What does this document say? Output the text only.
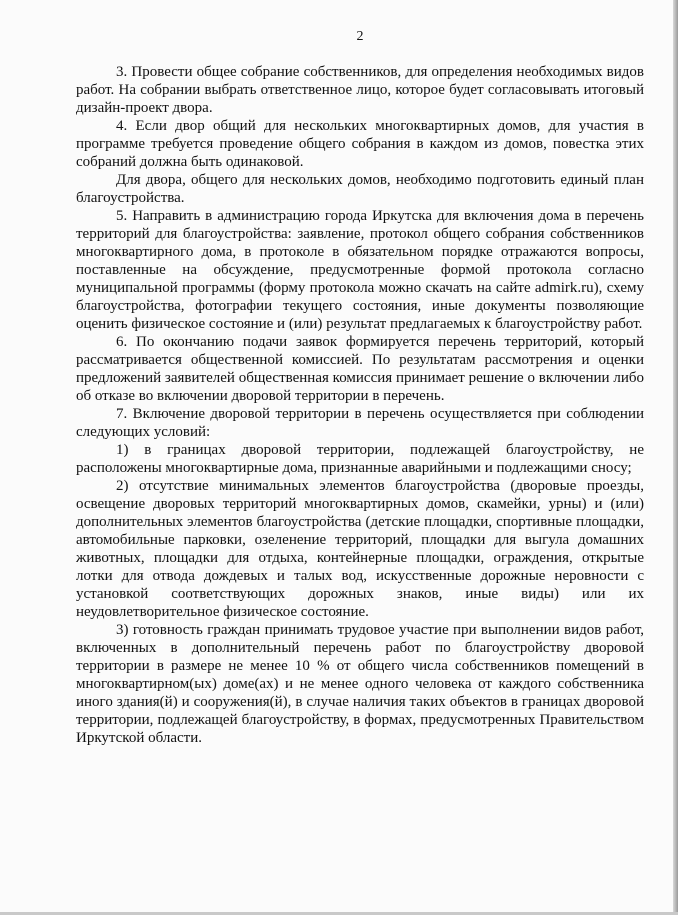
2

3. Провести общее собрание собственников, для определения необходимых видов работ. На собрании выбрать ответственное лицо, которое будет согласовывать итоговый дизайн-проект двора.

4. Если двор общий для нескольких многоквартирных домов, для участия в программе требуется проведение общего собрания в каждом из домов, повестка этих собраний должна быть одинаковой.

Для двора, общего для нескольких домов, необходимо подготовить единый план благоустройства.

5. Направить в администрацию города Иркутска для включения дома в перечень территорий для благоустройства: заявление, протокол общего собрания собственников многоквартирного дома, в протоколе в обязательном порядке отражаются вопросы, поставленные на обсуждение, предусмотренные формой протокола согласно муниципальной программы (форму протокола можно скачать на сайте admirk.ru), схему благоустройства, фотографии текущего состояния, иные документы позволяющие оценить физическое состояние и (или) результат предлагаемых к благоустройству работ.

6. По окончанию подачи заявок формируется перечень территорий, который рассматривается общественной комиссией. По результатам рассмотрения и оценки предложений заявителей общественная комиссия принимает решение о включении либо об отказе во включении дворовой территории в перечень.

7. Включение дворовой территории в перечень осуществляется при соблюдении следующих условий:

1) в границах дворовой территории, подлежащей благоустройству, не расположены многоквартирные дома, признанные аварийными и подлежащими сносу;

2) отсутствие минимальных элементов благоустройства (дворовые проезды, освещение дворовых территорий многоквартирных домов, скамейки, урны) и (или) дополнительных элементов благоустройства (детские площадки, спортивные площадки, автомобильные парковки, озеленение территорий, площадки для выгула домашних животных, площадки для отдыха, контейнерные площадки, ограждения, открытые лотки для отвода дождевых и талых вод, искусственные дорожные неровности с установкой соответствующих дорожных знаков, иные виды) или их неудовлетворительное физическое состояние.

3) готовность граждан принимать трудовое участие при выполнении видов работ, включенных в дополнительный перечень работ по благоустройству дворовой территории в размере не менее 10 % от общего числа собственников помещений в многоквартирном(ых) доме(ах) и не менее одного человека от каждого собственника иного здания(й) и сооружения(й), в случае наличия таких объектов в границах дворовой территории, подлежащей благоустройству, в формах, предусмотренных Правительством Иркутской области.
